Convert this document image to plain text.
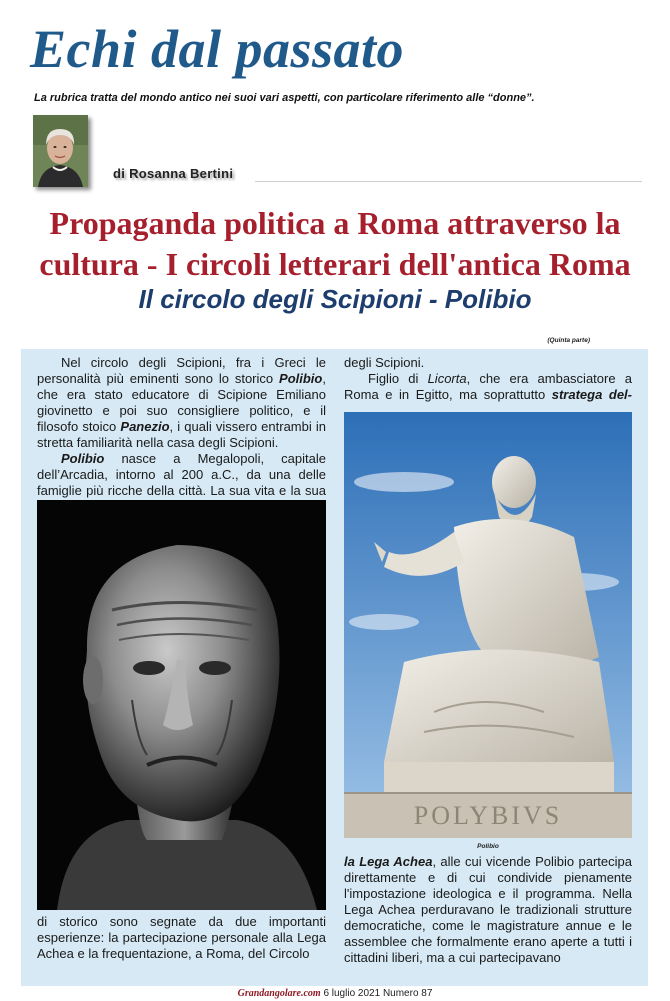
Echi dal passato
La rubrica tratta del mondo antico nei suoi vari aspetti, con particolare riferimento alle “donne”.
di Rosanna Bertini
Propaganda politica a Roma attraverso la
cultura - I circoli letterari dell'antica Roma
Il circolo degli Scipioni - Polibio
(Quinta parte)

Nel circolo degli Scipioni, fra i Greci le personalità più eminenti sono lo storico Polibio, che era stato educatore di Scipione Emiliano giovinetto e poi suo consigliere politico, e il filosofo stoico Panezio, i quali vissero entrambi in stretta familiarità nella casa degli Scipioni.

Polibio nasce a Megalopoli, capitale dell’Arcadia, intorno al 200 a.C., da una delle famiglie più ricche della città. La sua vita e la sua

di storico sono segnate da due importanti esperienze: la partecipazione personale alla Lega Achea e la frequentazione, a Roma, del Circolo

degli Scipioni.

Figlio di Licorta, che era ambasciatore a Roma e in Egitto, ma soprattutto stratega del-

POLYBIVS
Polibio

la Lega Achea, alle cui vicende Polibio partecipa direttamente e di cui condivide pienamente l'impostazione ideologica e il programma. Nella Lega Achea perduravano le tradizionali strutture democratiche, come le magistrature annue e le assemblee che formalmente erano aperte a tutti i cittadini liberi, ma a cui partecipavano

Grandangolare.com 6 luglio 2021 Numero 87
